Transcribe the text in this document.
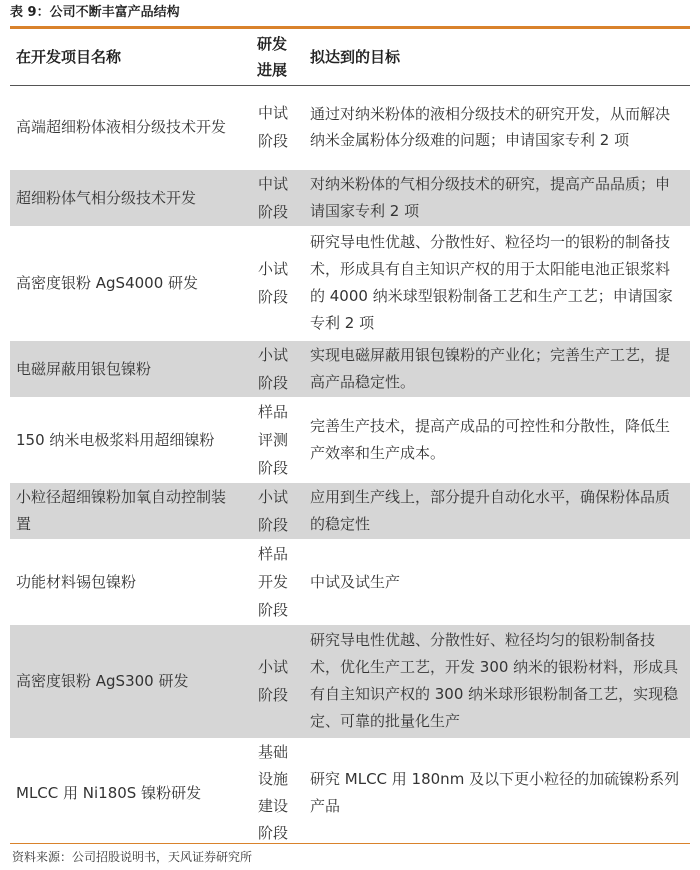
表 9：公司不断丰富产品结构
在开发项目名称	研发进展	拟达到的目标
高端超细粉体液相分级技术开发	中试阶段	通过对纳米粉体的液相分级技术的研究开发，从而解决纳米金属粉体分级难的问题；申请国家专利 2 项
超细粉体气相分级技术开发	中试阶段	对纳米粉体的气相分级技术的研究，提高产品品质；申请国家专利 2 项
高密度银粉 AgS4000 研发	小试阶段	研究导电性优越、分散性好、粒径均一的银粉的制备技术，形成具有自主知识产权的用于太阳能电池正银浆料的 4000 纳米球型银粉制备工艺和生产工艺；申请国家专利 2 项
电磁屏蔽用银包镍粉	小试阶段	实现电磁屏蔽用银包镍粉的产业化；完善生产工艺，提高产品稳定性。
150 纳米电极浆料用超细镍粉	样品评测阶段	完善生产技术，提高产成品的可控性和分散性，降低生产效率和生产成本。
小粒径超细镍粉加氧自动控制装置	小试阶段	应用到生产线上，部分提升自动化水平，确保粉体品质的稳定性
功能材料锡包镍粉	样品开发阶段	中试及试生产
高密度银粉 AgS300 研发	小试阶段	研究导电性优越、分散性好、粒径均匀的银粉制备技术，优化生产工艺，开发 300 纳米的银粉材料，形成具有自主知识产权的 300 纳米球形银粉制备工艺，实现稳定、可靠的批量化生产
MLCC 用 Ni180S 镍粉研发	基础设施建设阶段	研究 MLCC 用 180nm 及以下更小粒径的加硫镍粉系列产品
资料来源：公司招股说明书，天风证券研究所
